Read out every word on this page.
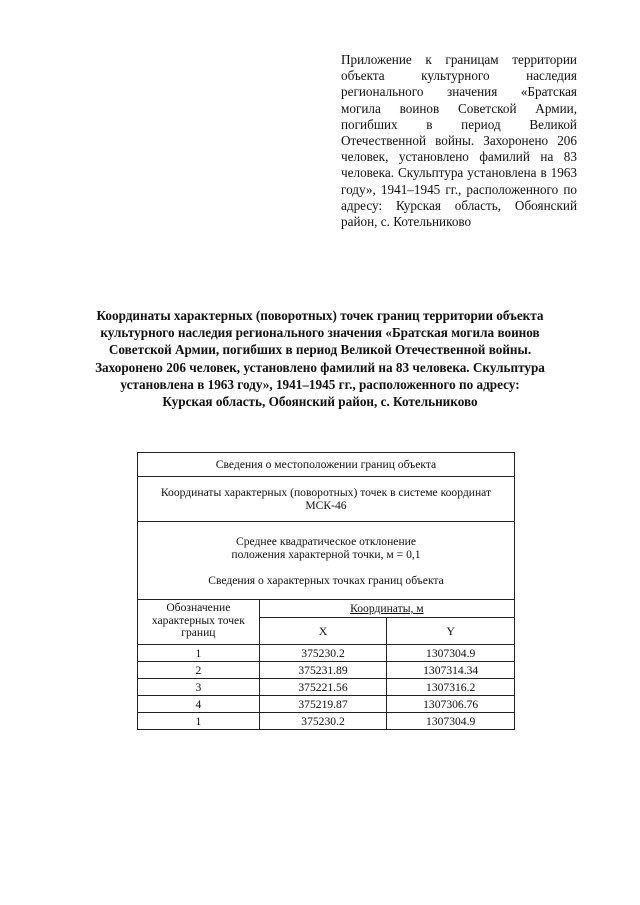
Приложение к границам территории объекта культурного наследия регионального значения «Братская могила воинов Советской Армии, погибших в период Великой Отечественной войны. Захоронено 206 человек, установлено фамилий на 83 человека. Скульптура установлена в 1963 году», 1941–1945 гг., расположенного по адресу: Курская область, Обоянский район, с. Котельниково
Координаты характерных (поворотных) точек границ территории объекта культурного наследия регионального значения «Братская могила воинов Советской Армии, погибших в период Великой Отечественной войны. Захоронено 206 человек, установлено фамилий на 83 человека. Скульптура установлена в 1963 году», 1941–1945 гг., расположенного по адресу: Курская область, Обоянский район, с. Котельниково
Сведения о местоположении границ объекта		
Координаты характерных (поворотных) точек в системе координат МСК-46		

Среднее квадратическое отклонение
положения характерной точки, м = 0,1
Сведения о характерных точках границ объекта		

Обозначение характерных точек границ	Координаты, м	
	X	Y
1	375230.2	1307304.9
2	375231.89	1307314.34
3	375221.56	1307316.2
4	375219.87	1307306.76
1	375230.2	1307304.9
